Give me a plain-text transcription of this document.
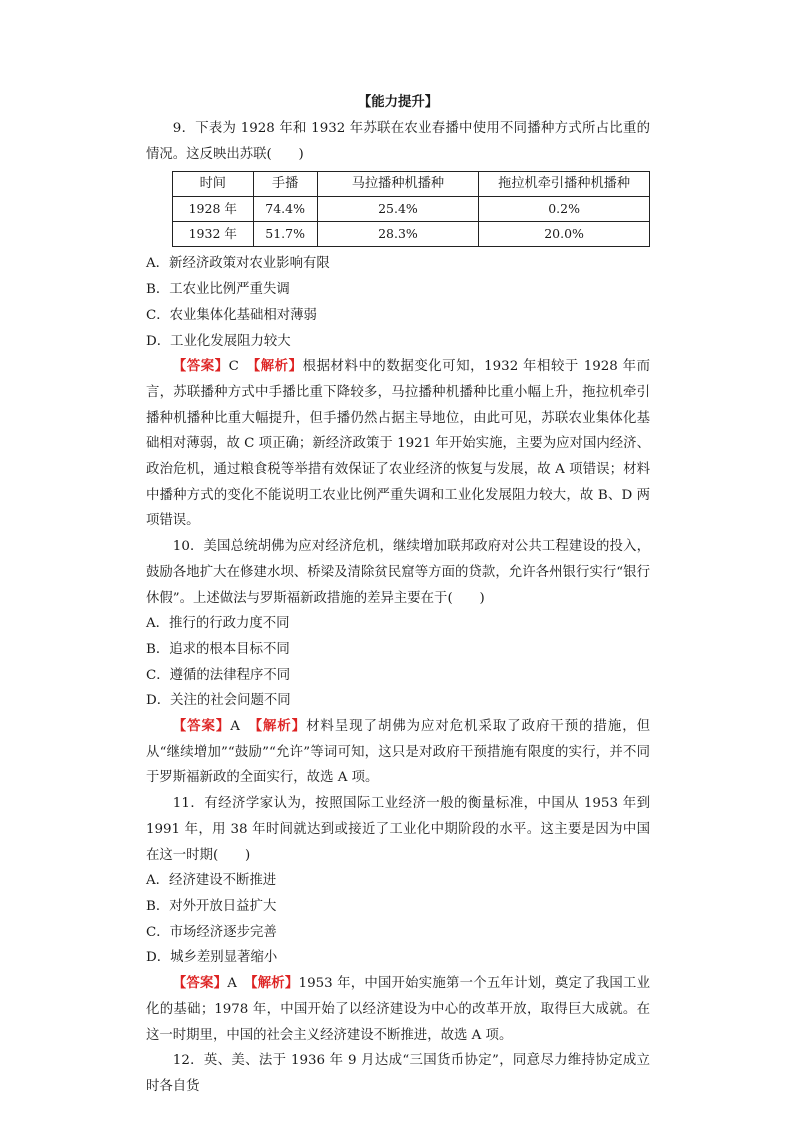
【能力提升】

9．下表为 1928 年和 1932 年苏联在农业春播中使用不同播种方式所占比重的情况。这反映出苏联(　　)

时间	手播	马拉播种机播种	拖拉机牵引播种机播种
1928 年	74.4%	25.4%	0.2%
1932 年	51.7%	28.3%	20.0%

A．新经济政策对农业影响有限

B．工农业比例严重失调

C．农业集体化基础相对薄弱

D．工业化发展阻力较大

【答案】C　 【解析】根据材料中的数据变化可知，1932 年相较于 1928 年而言，苏联播种方式中手播比重下降较多，马拉播种机播种比重小幅上升，拖拉机牵引播种机播种比重大幅提升，但手播仍然占据主导地位，由此可见，苏联农业集体化基础相对薄弱，故 C 项正确；新经济政策于 1921 年开始实施，主要为应对国内经济、政治危机，通过粮食税等举措有效保证了农业经济的恢复与发展，故 A 项错误；材料中播种方式的变化不能说明工农业比例严重失调和工业化发展阻力较大，故 B、D 两项错误。

10．美国总统胡佛为应对经济危机，继续增加联邦政府对公共工程建设的投入，鼓励各地扩大在修建水坝、桥梁及清除贫民窟等方面的贷款，允许各州银行实行“银行休假”。上述做法与罗斯福新政措施的差异主要在于(　　)

A．推行的行政力度不同

B．追求的根本目标不同

C．遵循的法律程序不同

D．关注的社会问题不同

【答案】A　 【解析】材料呈现了胡佛为应对危机采取了政府干预的措施，但从“继续增加”“鼓励”“允许”等词可知，这只是对政府干预措施有限度的实行，并不同于罗斯福新政的全面实行，故选 A 项。

11．有经济学家认为，按照国际工业经济一般的衡量标准，中国从 1953 年到 1991 年，用 38 年时间就达到或接近了工业化中期阶段的水平。这主要是因为中国在这一时期(　　)

A．经济建设不断推进

B．对外开放日益扩大

C．市场经济逐步完善

D．城乡差别显著缩小

【答案】A　 【解析】1953 年，中国开始实施第一个五年计划，奠定了我国工业化的基础；1978 年，中国开始了以经济建设为中心的改革开放，取得巨大成就。在这一时期里，中国的社会主义经济建设不断推进，故选 A 项。

12．英、美、法于 1936 年 9 月达成“三国货币协定”，同意尽力维持协定成立时各自货
